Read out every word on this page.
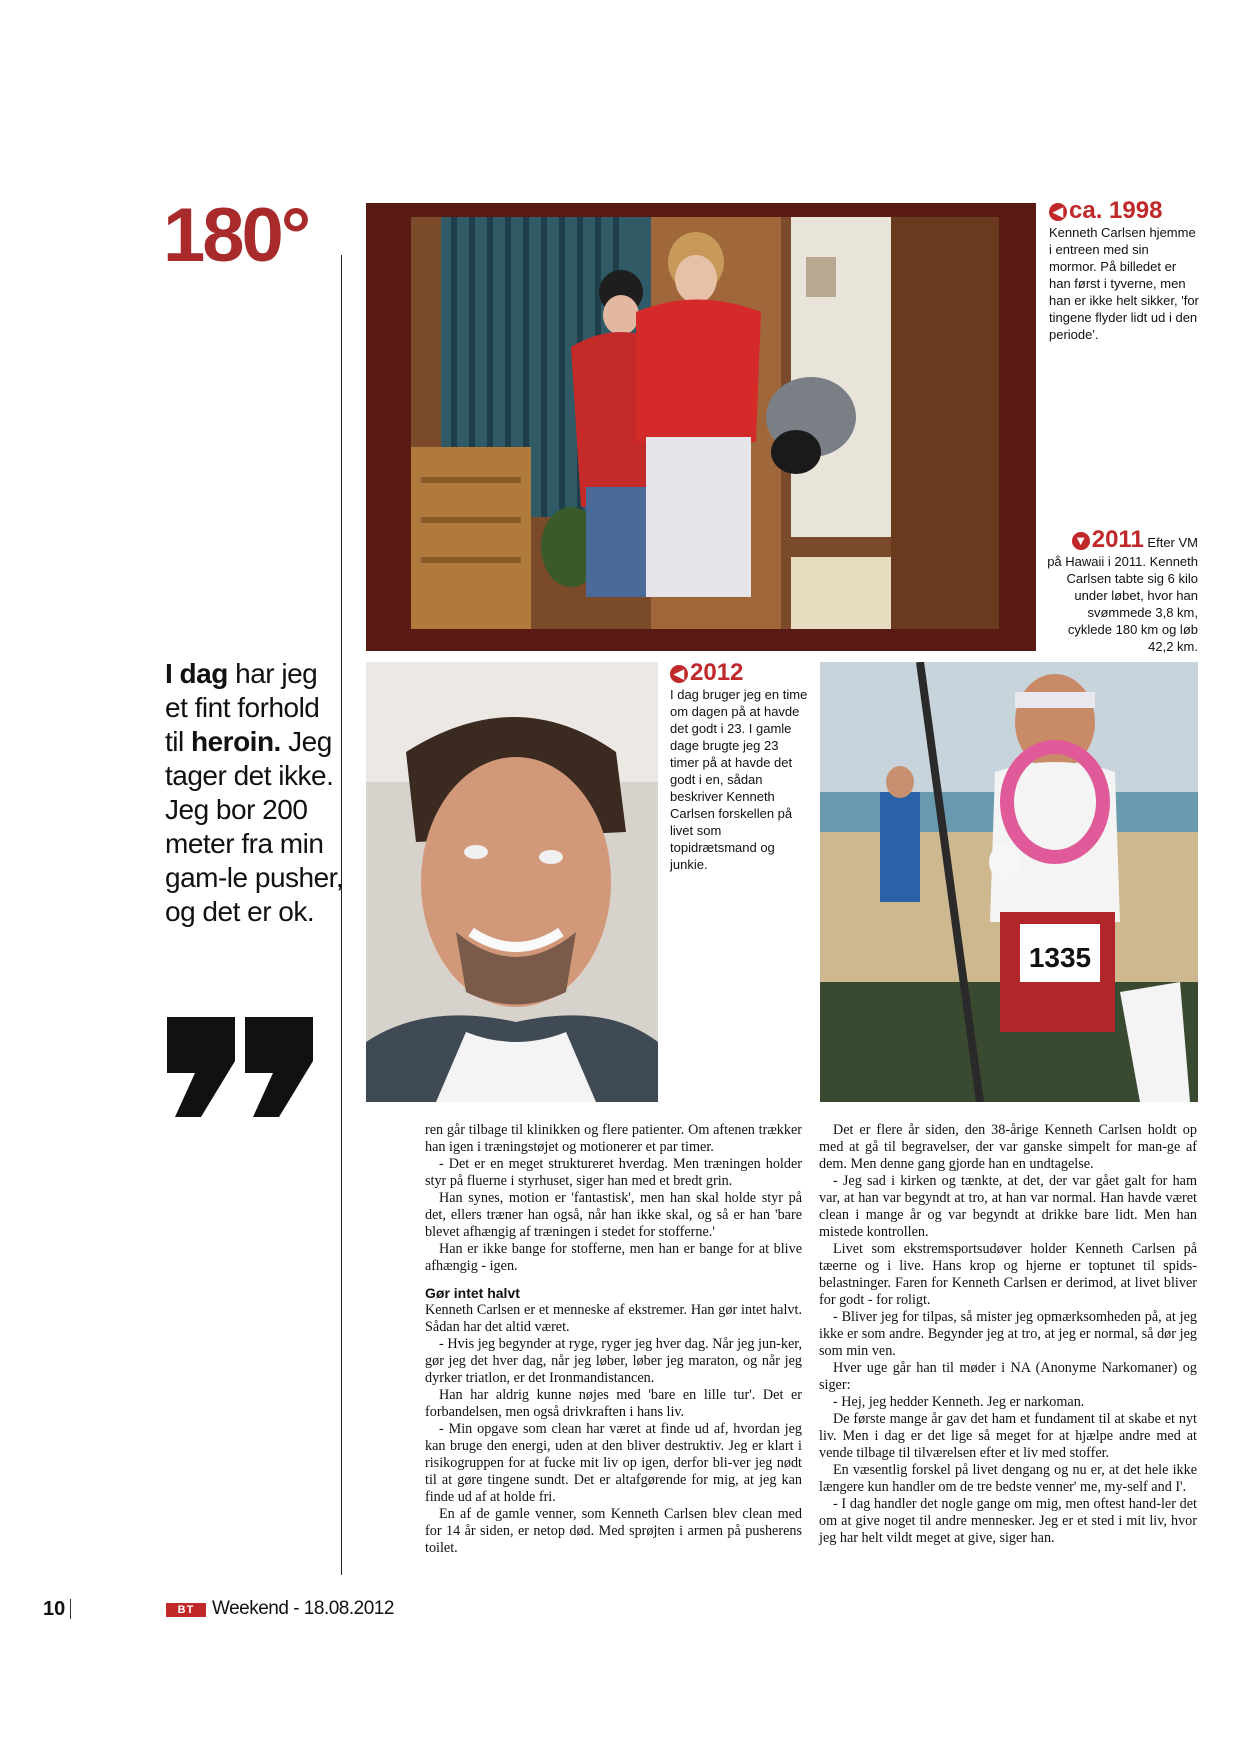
180°
I dag har jeg et fint forhold til heroin. Jeg tager det ikke. Jeg bor 200 meter fra min gam-le pusher, og det er ok.
◀ ca. 1998
Kenneth Carlsen hjemme i entreen med sin mormor. På billedet er han først i tyverne, men han er ikke helt sikker, 'for tingene flyder lidt ud i den periode'.
▼ 2011 Efter VM
på Hawaii i 2011. Kenneth Carlsen tabte sig 6 kilo under løbet, hvor han svømmede 3,8 km, cyklede 180 km og løb 42,2 km.
◀ 2012
I dag bruger jeg en time om dagen på at havde det godt i 23. I gamle dage brugte jeg 23 timer på at havde det godt i en, sådan beskriver Kenneth Carlsen forskellen på livet som topidrætsmand og junkie.
1335

ren går tilbage til klinikken og flere patienter. Om aftenen trækker han igen i træningstøjet og motionerer et par timer.

- Det er en meget struktureret hverdag. Men træningen holder styr på fluerne i styrhuset, siger han med et bredt grin.

Han synes, motion er 'fantastisk', men han skal holde styr på det, ellers træner han også, når han ikke skal, og så er han 'bare blevet afhængig af træningen i stedet for stofferne.'

Han er ikke bange for stofferne, men han er bange for at blive afhængig - igen.

Gør intet halvt

Kenneth Carlsen er et menneske af ekstremer. Han gør intet halvt. Sådan har det altid været.

- Hvis jeg begynder at ryge, ryger jeg hver dag. Når jeg jun-ker, gør jeg det hver dag, når jeg løber, løber jeg maraton, og når jeg dyrker triatlon, er det Ironmandistancen.

Han har aldrig kunne nøjes med 'bare en lille tur'. Det er forbandelsen, men også drivkraften i hans liv.

- Min opgave som clean har været at finde ud af, hvordan jeg kan bruge den energi, uden at den bliver destruktiv. Jeg er klart i risikogruppen for at fucke mit liv op igen, derfor bli-ver jeg nødt til at gøre tingene sundt. Det er altafgørende for mig, at jeg kan finde ud af at holde fri.

En af de gamle venner, som Kenneth Carlsen blev clean med for 14 år siden, er netop død. Med sprøjten i armen på pusherens toilet.

Det er flere år siden, den 38-årige Kenneth Carlsen holdt op med at gå til begravelser, der var ganske simpelt for man-ge af dem. Men denne gang gjorde han en undtagelse.

- Jeg sad i kirken og tænkte, at det, der var gået galt for ham var, at han var begyndt at tro, at han var normal. Han havde været clean i mange år og var begyndt at drikke bare lidt. Men han mistede kontrollen.

Livet som ekstremsportsudøver holder Kenneth Carlsen på tæerne og i live. Hans krop og hjerne er toptunet til spids-belastninger. Faren for Kenneth Carlsen er derimod, at livet bliver for godt - for roligt.

- Bliver jeg for tilpas, så mister jeg opmærksomheden på, at jeg ikke er som andre. Begynder jeg at tro, at jeg er normal, så dør jeg som min ven.

Hver uge går han til møder i NA (Anonyme Narkomaner) og siger:

- Hej, jeg hedder Kenneth. Jeg er narkoman.

De første mange år gav det ham et fundament til at skabe et nyt liv. Men i dag er det lige så meget for at hjælpe andre med at vende tilbage til tilværelsen efter et liv med stoffer.

En væsentlig forskel på livet dengang og nu er, at det hele ikke længere kun handler om de tre bedste venner' me, my-self and I'.

- I dag handler det nogle gange om mig, men oftest hand-ler det om at give noget til andre mennesker. Jeg er et sted i mit liv, hvor jeg har helt vildt meget at give, siger han.

10	BT Weekend - 18.08.2012
